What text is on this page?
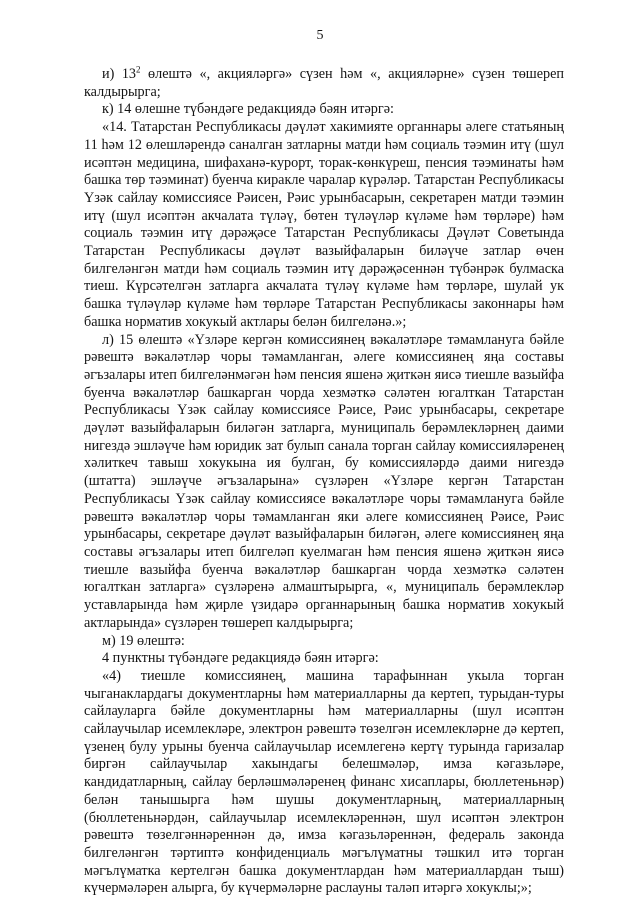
5

и) $13^2$ өлештә «, акцияләргә» сүзен һәм «, акцияләрне» сүзен төшереп калдырырга;

к) 14 өлешне түбәндәге редакциядә бәян итәргә:

«14. Татарстан Республикасы дәүләт хакимияте органнары әлеге статьяның 11 һәм 12 өлешләрендә саналган затларны матди һәм социаль тәэмин итү (шул исәптән медицина, шифаханә-курорт, торак-көнкүреш, пенсия тәэминаты һәм башка төр тәэминат) буенча киракле чаралар күрәләр. Татарстан Республикасы Үзәк сайлау комиссиясе Рәисен, Рәис урынбасарын, секретарен матди тәэмин итү (шул исәптән акчалата түләү, бөтен түләүләр күләме һәм төрләре) һәм социаль тәэмин итү дәрәҗәсе Татарстан Республикасы Дәүләт Советында Татарстан Республикасы дәүләт вазыйфаларын биләүче затлар өчен билгеләнгән матди һәм социаль тәэмин итү дәрәҗәсеннән түбәнрәк булмаска тиеш. Күрсәтелгән затларга акчалата түләү күләме һәм төрләре, шулай ук башка түләүләр күләме һәм төрләре Татарстан Республикасы законнары һәм башка норматив хокукый актлары белән билгеләнә.»;

л) 15 өлештә «Үзләре кергән комиссиянең вәкаләтләре тәмамланугa бәйле рәвештә вәкаләтләр чоры тәмамланган, әлеге комиссиянең яңа составы әгъзалары итеп билгеләнмәгән һәм пенсия яшенә җиткән яисә тиешле вазыйфа буенча вәкаләтләр башкарган чорда хезмәткә сәләтен югалткан Татарстан Республикасы Үзәк сайлау комиссиясе Рәисе, Рәис урынбасары, секретаре дәүләт вазыйфаларын биләгән затларга, муниципаль берәмлекләрнең даими нигездә эшләүче һәм юридик зат булып санала торган сайлау комиссияләренең хәлиткеч тавыш хокукына ия булган, бу комиссияләрдә даими нигездә (штатта) эшләүче әгъзаларына» сүзләрен «Үзләре кергән Татарстан Республикасы Үзәк сайлау комиссиясе вәкаләтләре чоры тәмамлануга бәйле рәвештә вәкаләтләр чоры тәмамланган яки әлеге комиссиянең Рәисе, Рәис урынбасары, секретаре дәүләт вазыйфаларын биләгән, әлеге комиссиянең яңа составы әгъзалары итеп билгеләп куелмаган һәм пенсия яшенә җиткән яисә тиешле вазыйфа буенча вәкаләтләр башкарган чорда хезмәткә сәләтен югалткан затларга» сүзләренә алмаштырырга, «, муниципаль берәмлекләр уставларында һәм җирле үзидарә органнарының башка норматив хокукый актларында» сүзләрен төшереп калдырырга;

м) 19 өлештә:

4 пунктны түбәндәге редакциядә бәян итәргә:

«4) тиешле комиссиянең, машина тарафыннан укыла торган чыганаклардагы документларны һәм материалларны да кертеп, турыдан-туры сайлауларга бәйле документларны һәм материалларны (шул исәптән сайлаучылар исемлекләре, электрон рәвештә төзелгән исемлекләрне дә кертеп, үзенең булу урыны буенча сайлаучылар исемлегенә кертү турында гаризалар биргән сайлаучылар хакындагы белешмәләр, имза кәгазьләре, кандидатларның, сайлау берләшмәләренең финанс хисаплары, бюллетеньнәр) белән танышырга һәм шушы документларның, материалларның (бюллетеньнәрдән, сайлаучылар исемлекләреннән, шул исәптән электрон рәвештә төзелгәннәреннән дә, имза кәгазьләреннән, федераль законда билгеләнгән тәртиптә конфиденциаль мәгълүматны тәшкил итә торган мәгълүматка кертелгән башка документлардан һәм материаллардан тыш) күчермәләрен алырга, бу күчермәләрне раслауны таләп итәргә хокуклы;»;
